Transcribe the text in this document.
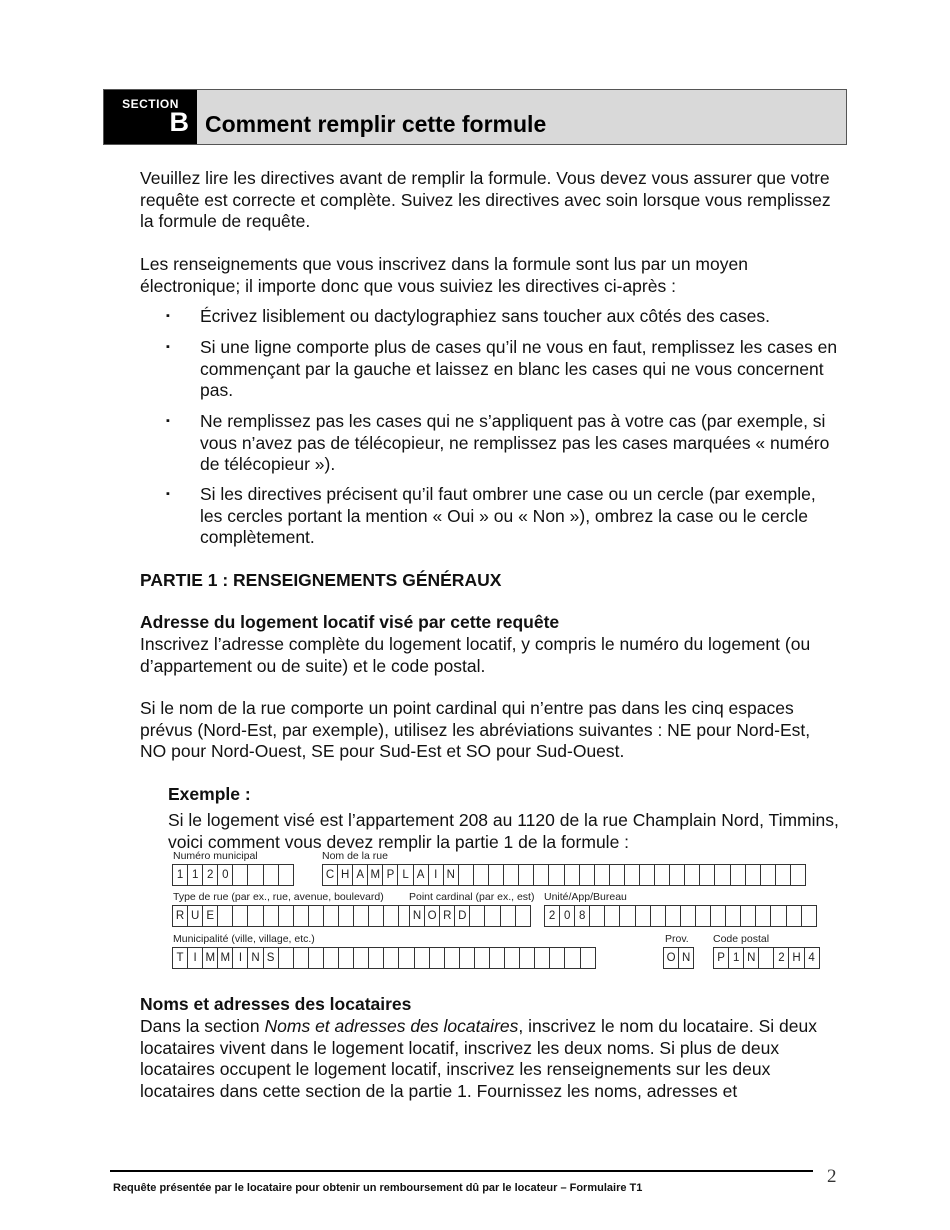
SECTION
B Comment remplir cette formule

Veuillez lire les directives avant de remplir la formule. Vous devez vous assurer que votre requête est correcte et complète. Suivez les directives avec soin lorsque vous remplissez la formule de requête.

Les renseignements que vous inscrivez dans la formule sont lus par un moyen électronique; il importe donc que vous suiviez les directives ci-après :

▪ Écrivez lisiblement ou dactylographiez sans toucher aux côtés des cases.

▪ Si une ligne comporte plus de cases qu’il ne vous en faut, remplissez les cases en commençant par la gauche et laissez en blanc les cases qui ne vous concernent pas.

▪ Ne remplissez pas les cases qui ne s’appliquent pas à votre cas (par exemple, si vous n’avez pas de télécopieur, ne remplissez pas les cases marquées « numéro de télécopieur »).

▪ Si les directives précisent qu’il faut ombrer une case ou un cercle (par exemple, les cercles portant la mention « Oui » ou « Non »), ombrez la case ou le cercle complètement.

PARTIE 1 : RENSEIGNEMENTS GÉNÉRAUX

Adresse du logement locatif visé par cette requête

Inscrivez l’adresse complète du logement locatif, y compris le numéro du logement (ou d’appartement ou de suite) et le code postal.

Si le nom de la rue comporte un point cardinal qui n’entre pas dans les cinq espaces prévus (Nord-Est, par exemple), utilisez les abréviations suivantes : NE pour Nord-Est, NO pour Nord-Ouest, SE pour Sud-Est et SO pour Sud-Ouest.

Exemple :

Si le logement visé est l’appartement 208 au 1120 de la rue Champlain Nord, Timmins, voici comment vous devez remplir la partie 1 de la formule :

Numéro municipal	Nom de la rue
1 1 2 0	C H A M P L A I N
Type de rue (par ex., rue, avenue, boulevard) Point cardinal (par ex., est) Unité/App/Bureau
R U E	N O R D	2 0 8
Municipalité (ville, village, etc.)	Prov. Code postal
T I M M I N S	O N	P 1 N	2 H 4

Noms et adresses des locataires

Dans la section Noms et adresses des locataires, inscrivez le nom du locataire. Si deux locataires vivent dans le logement locatif, inscrivez les deux noms. Si plus de deux locataires occupent le logement locatif, inscrivez les renseignements sur les deux locataires dans cette section de la partie 1. Fournissez les noms, adresses et

Requête présentée par le locataire pour obtenir un remboursement dû par le locateur – Formulaire T1
2
